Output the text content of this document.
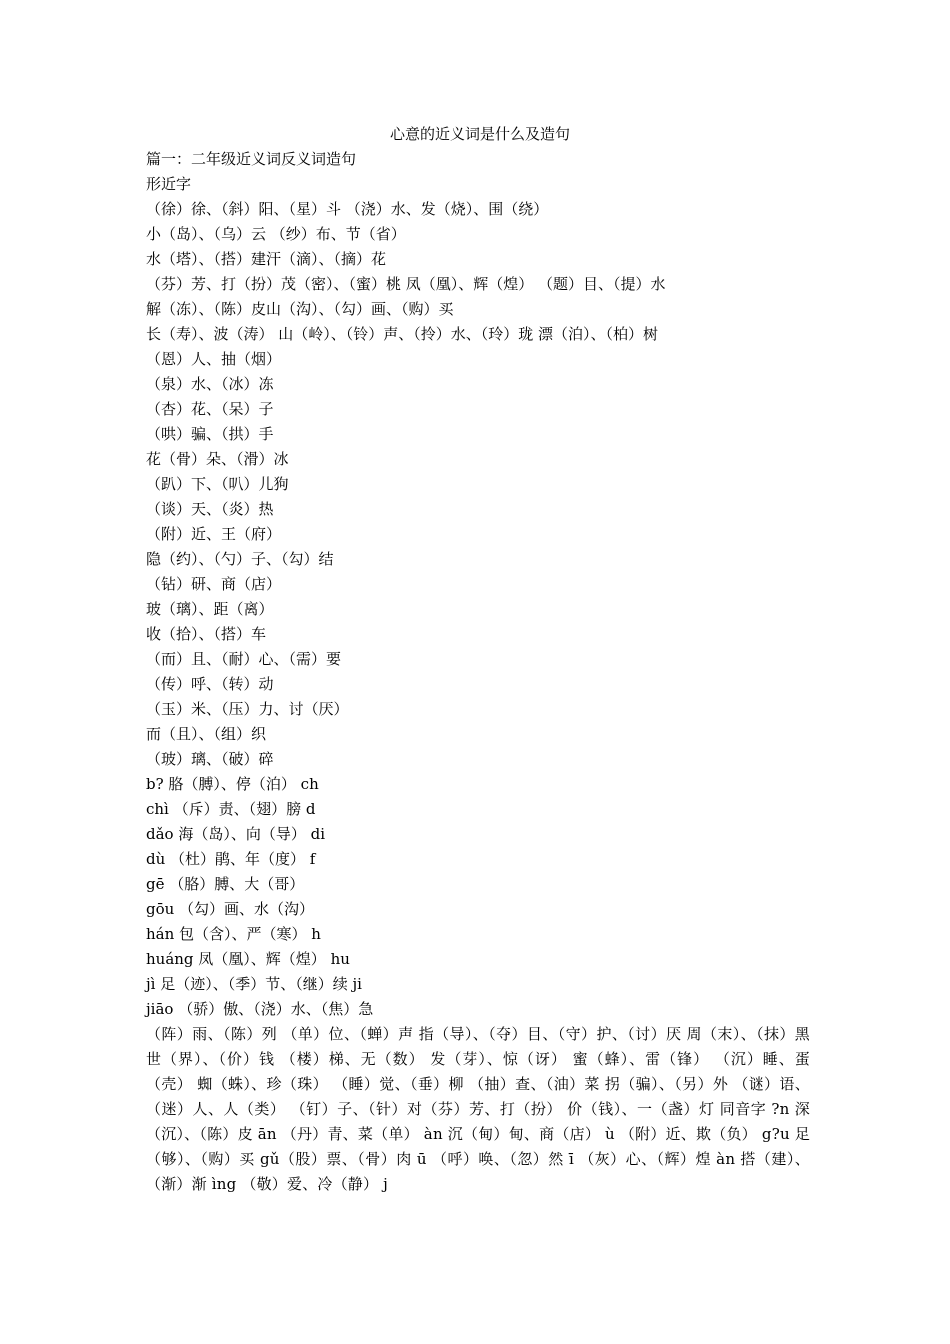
心意的近义词是什么及造句
篇一：二年级近义词反义词造句
形近字
（徐）徐、（斜）阳、（星）斗 （浇）水、发（烧）、围（绕）
小（岛）、（乌）云 （纱）布、节（省）
水（塔）、（搭）建汗（滴）、（摘）花
（芬）芳、打（扮）茂（密）、（蜜）桃 凤（凰）、辉（煌） （题）目、（提）水
解（冻）、（陈）皮山（沟）、（勾）画、（购）买
长（寿）、波（涛） 山（岭）、（铃）声、（拎）水、（玲）珑 漂（泊）、（柏）树
（恩）人、抽（烟）
（泉）水、（冰）冻
（杏）花、（呆）子
（哄）骗、（拱）手
花（骨）朵、（滑）冰
（趴）下、（叭）儿狗
（谈）天、（炎）热
（附）近、王（府）
隐（约）、（勺）子、（勾）结
（钻）研、商（店）
玻（璃）、距（离）
收（拾）、（搭）车
（而）且、（耐）心、（需）要
（传）呼、（转）动
（玉）米、（压）力、讨（厌）
而（且）、（组）织
（玻）璃、（破）碎
b? 胳（膊）、停（泊） ch
chì （斥）责、（翅）膀 d
dǎo 海（岛）、向（导） di
dù （杜）鹃、年（度） f
gē （胳）膊、大（哥）
gōu （勾）画、水（沟）
hán 包（含）、严（寒） h
huáng 凤（凰）、辉（煌） hu
jì 足（迹）、（季）节、（继）续 ji
jiāo （骄）傲、（浇）水、（焦）急

（阵）雨、（陈）列 （单）位、（蝉）声 指（导）、（夺）目、（守）护、（讨）厌 周（末）、（抹）黑 世（界）、（价）钱 （楼）梯、无（数） 发（芽）、惊（讶） 蜜（蜂）、雷（锋） （沉）睡、蛋（壳） 蜘（蛛）、珍（珠） （睡）觉、（垂）柳 （抽）查、（油）菜 拐（骗）、（另）外 （谜）语、（迷）人、人（类） （钉）子、（针）对（芬）芳、打（扮） 价（钱）、一（盏）灯 同音字 ?n 深（沉）、（陈）皮 ān （丹）青、菜（单） àn 沉（甸）甸、商（店） ù （附）近、欺（负） g?u 足（够）、（购）买 gǔ（股）票、（骨）肉 ū （呼）唤、（忽）然 ī （灰）心、（辉）煌 àn 搭（建）、（渐）渐 ìng （敬）爱、冷（静） j
